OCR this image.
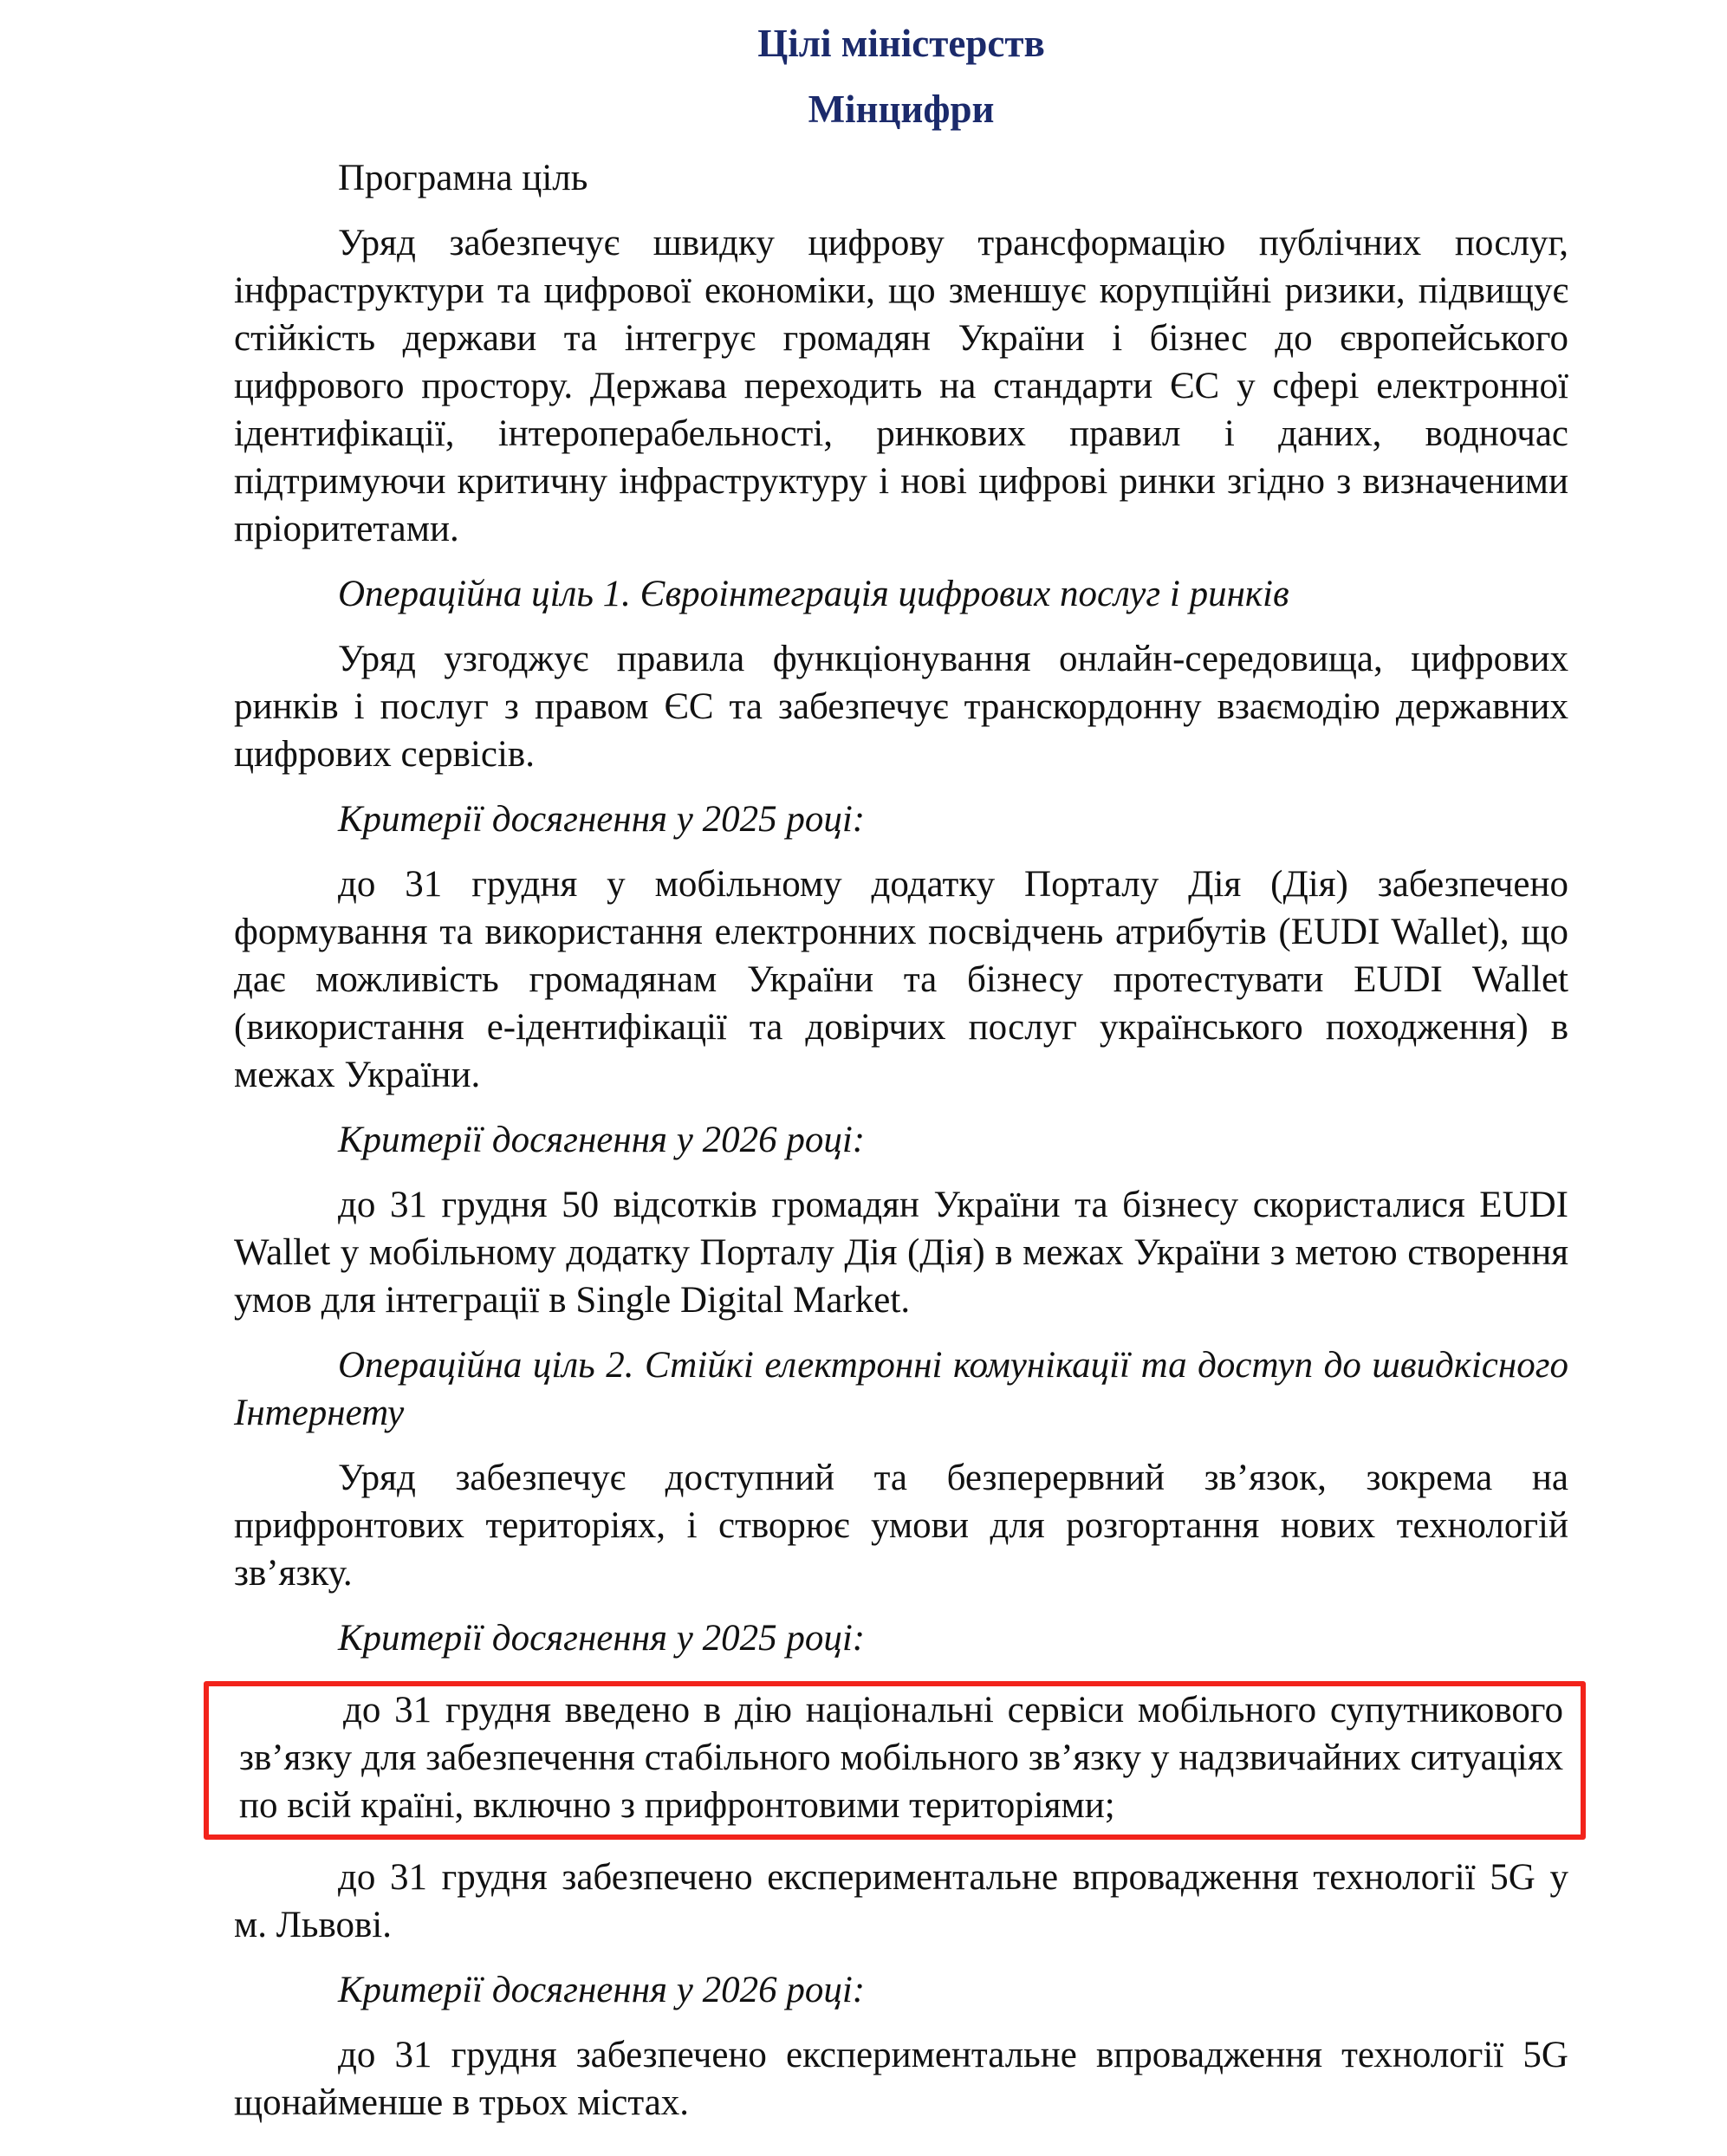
Цілі міністерств
Мінцифри

Програмна ціль

Уряд забезпечує швидку цифрову трансформацію публічних послуг, інфраструктури та цифрової економіки, що зменшує корупційні ризики, підвищує стійкість держави та інтегрує громадян України і бізнес до європейського цифрового простору. Держава переходить на стандарти ЄС у сфері електронної ідентифікації, інтероперабельності, ринкових правил і даних, водночас підтримуючи критичну інфраструктуру і нові цифрові ринки згідно з визначеними пріоритетами.

Операційна ціль 1. Євроінтеграція цифрових послуг і ринків

Уряд узгоджує правила функціонування онлайн-середовища, цифрових ринків і послуг з правом ЄС та забезпечує транскордонну взаємодію державних цифрових сервісів.

Критерії досягнення у 2025 році:

до 31 грудня у мобільному додатку Порталу Дія (Дія) забезпечено формування та використання електронних посвідчень атрибутів (EUDI Wallet), що дає можливість громадянам України та бізнесу протестувати EUDI Wallet (використання е-ідентифікації та довірчих послуг українського походження) в межах України.

Критерії досягнення у 2026 році:

до 31 грудня 50 відсотків громадян України та бізнесу скористалися EUDI Wallet у мобільному додатку Порталу Дія (Дія) в межах України з метою створення умов для інтеграції в Single Digital Market.

Операційна ціль 2. Стійкі електронні комунікації та доступ до швидкісного Інтернету

Уряд забезпечує доступний та безперервний зв’язок, зокрема на прифронтових територіях, і створює умови для розгортання нових технологій зв’язку.

Критерії досягнення у 2025 році:

до 31 грудня введено в дію національні сервіси мобільного супутникового зв’язку для забезпечення стабільного мобільного зв’язку у надзвичайних ситуаціях по всій країні, включно з прифронтовими територіями;

до 31 грудня забезпечено експериментальне впровадження технології 5G у м. Львові.

Критерії досягнення у 2026 році:

до 31 грудня забезпечено експериментальне впровадження технології 5G щонайменше в трьох містах.
